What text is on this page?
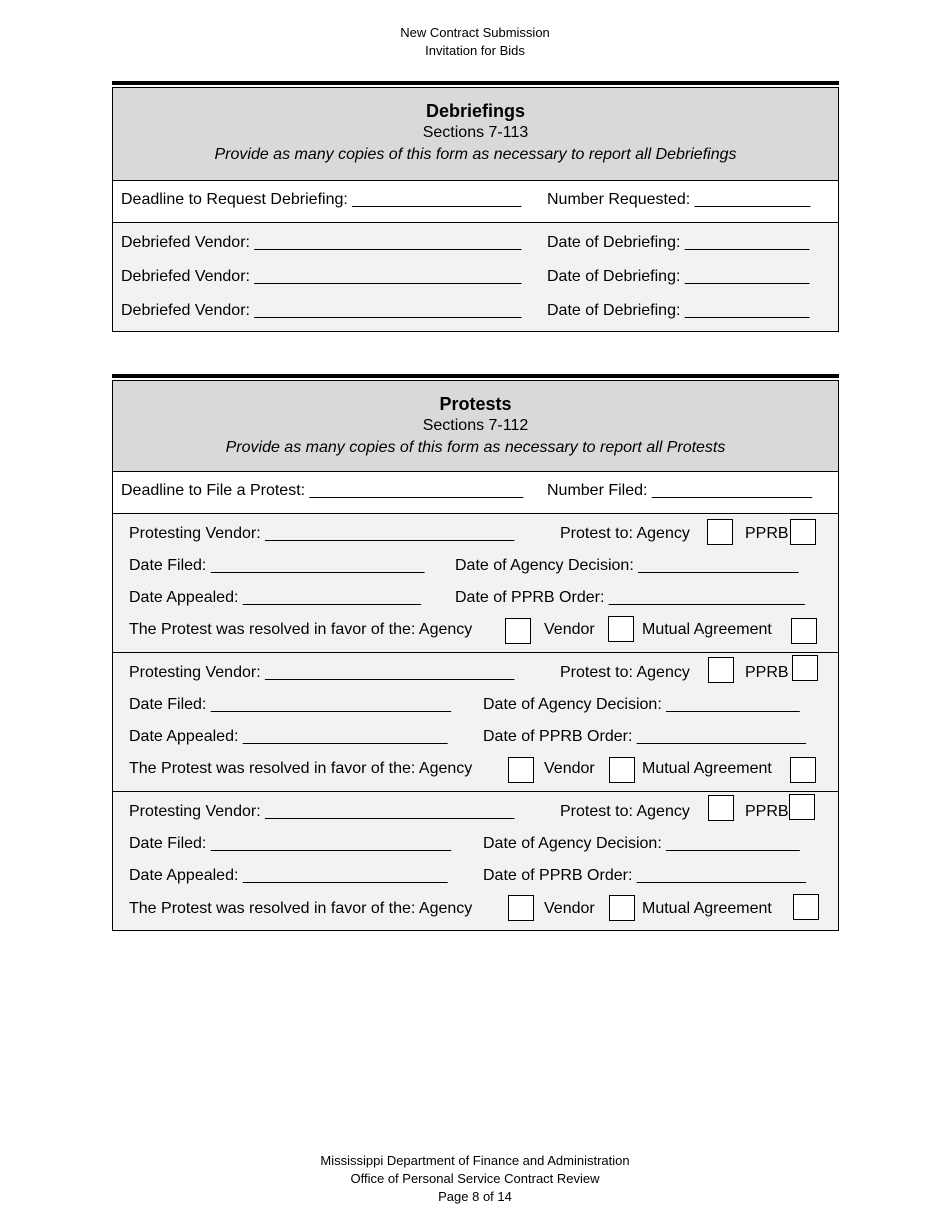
New Contract Submission
Invitation for Bids
Debriefings
Sections 7-113
Provide as many copies of this form as necessary to report all Debriefings
Deadline to Request Debriefing: ___________________ Number Requested: _____________
Debriefed Vendor: ______________________________ Date of Debriefing: ______________
Debriefed Vendor: ______________________________ Date of Debriefing: ______________
Debriefed Vendor: ______________________________ Date of Debriefing: ______________
Protests
Sections 7-112
Provide as many copies of this form as necessary to report all Protests
Deadline to File a Protest: ________________________ Number Filed: __________________
Protesting Vendor: ____________________________	Protest to: Agency	PPRB
Date Filed: ________________________ Date of Agency Decision: __________________
Date Appealed: ____________________ Date of PPRB Order: ______________________
The Protest was resolved in favor of the: Agency	Vendor	Mutual Agreement
Protesting Vendor: ____________________________	Protest to: Agency	PPRB
Date Filed: ___________________________ Date of Agency Decision: _______________
Date Appealed: _______________________ Date of PPRB Order: ___________________
The Protest was resolved in favor of the: Agency	Vendor	Mutual Agreement
Protesting Vendor: ____________________________	Protest to: Agency	PPRB
Date Filed: ___________________________ Date of Agency Decision: _______________
Date Appealed: _______________________ Date of PPRB Order: ___________________
The Protest was resolved in favor of the: Agency	Vendor	Mutual Agreement
Mississippi Department of Finance and Administration
Office of Personal Service Contract Review
Page 8 of 14
